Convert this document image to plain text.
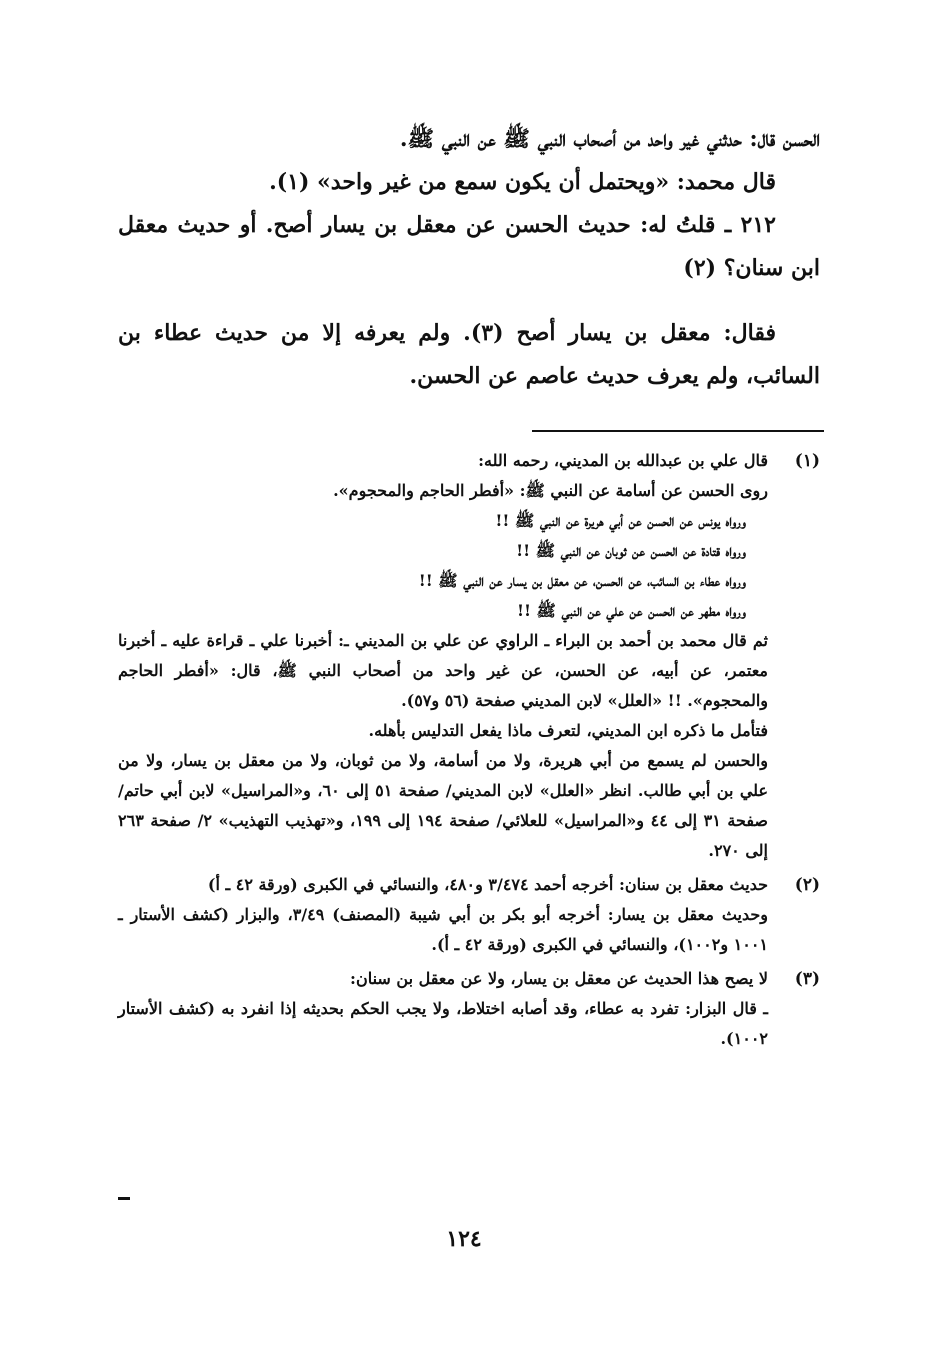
الحسن قال: حدثني غير واحد من أصحاب النبي ﷺ عن النبي ﷺ.

قال محمد: «ويحتمل أن يكون سمع من غير واحد» (١).

٢١٢ ـ قلتُ له: حديث الحسن عن معقل بن يسار أصح. أو حديث معقل ابن سنان؟ (٢)

فقال: معقل بن يسار أصح (٣). ولم يعرفه إلا من حديث عطاء بن السائب، ولم يعرف حديث عاصم عن الحسن.

(١)

قال علي بن عبدالله بن المديني، رحمه الله:

روى الحسن عن أسامة عن النبي ﷺ: «أفطر الحاجم والمحجوم».

ورواه يونس عن الحسن عن أبي هريرة عن النبي ﷺ !!

ورواه قتادة عن الحسن عن ثوبان عن النبي ﷺ !!

ورواه عطاء بن السائب، عن الحسن، عن معقل بن يسار عن النبي ﷺ !!

ورواه مطهر عن الحسن عن علي عن النبي ﷺ !!

ثم قال محمد بن أحمد بن البراء ـ الراوي عن علي بن المديني ـ: أخبرنا علي ـ قراءة عليه ـ أخبرنا معتمر، عن أبيه، عن الحسن، عن غير واحد من أصحاب النبي ﷺ، قال: «أفطر الحاجم والمحجوم». !! «العلل» لابن المديني صفحة (٥٦ و٥٧).

فتأمل ما ذكره ابن المديني، لتعرف ماذا يفعل التدليس بأهله.

والحسن لم يسمع من أبي هريرة، ولا من أسامة، ولا من ثوبان، ولا من معقل بن يسار، ولا من علي بن أبي طالب. انظر «العلل» لابن المديني/ صفحة ٥١ إلى ٦٠، و«المراسيل» لابن أبي حاتم/ صفحة ٣١ إلى ٤٤ و«المراسيل» للعلائي/ صفحة ١٩٤ إلى ١٩٩، و«تهذيب التهذيب» ٢/ صفحة ٢٦٣ إلى ٢٧٠.

(٢)

حديث معقل بن سنان: أخرجه أحمد ٣/٤٧٤ و٤٨٠، والنسائي في الكبرى (ورقة ٤٢ ـ أ)

وحديث معقل بن يسار: أخرجه أبو بكر بن أبي شيبة (المصنف) ٣/٤٩، والبزار (كشف الأستار ـ ١٠٠١ و١٠٠٢)، والنسائي في الكبرى (ورقة ٤٢ ـ أ).

(٣)

لا يصح هذا الحديث عن معقل بن يسار، ولا عن معقل بن سنان:

ـ قال البزار: تفرد به عطاء، وقد أصابه اختلاط، ولا يجب الحكم بحديثه إذا انفرد به (كشف الأستار ١٠٠٢).

١٢٤
